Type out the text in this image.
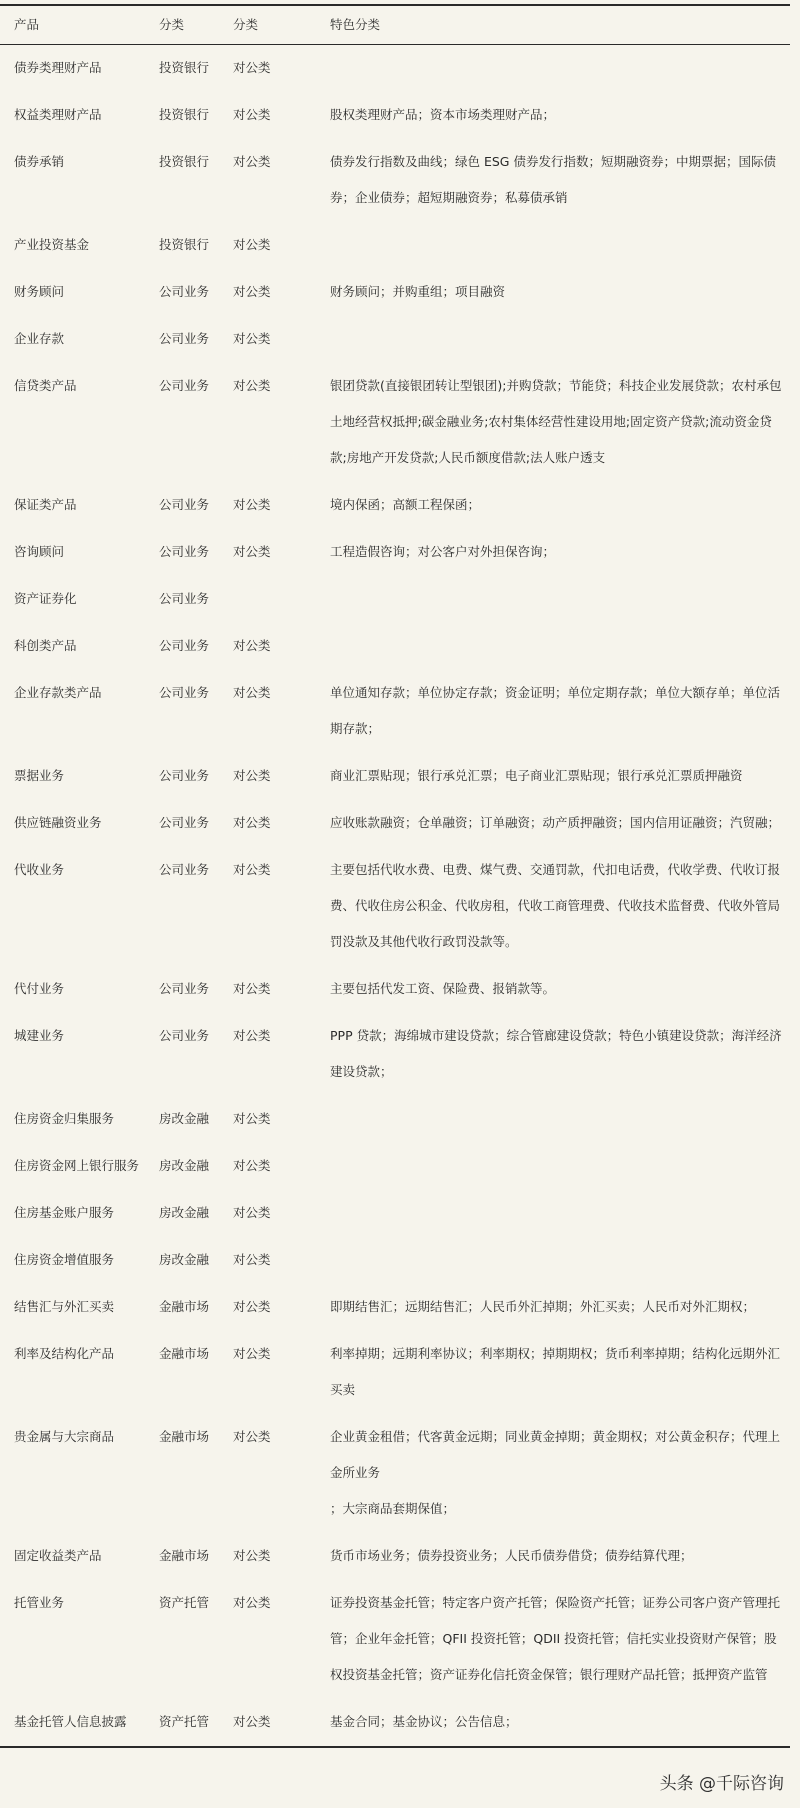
产品	分类	分类	特色分类
债券类理财产品	投资银行	对公类	
权益类理财产品	投资银行	对公类	股权类理财产品；资本市场类理财产品；
债券承销	投资银行	对公类	债券发行指数及曲线；绿色 ESG 债券发行指数；短期融资券；中期票据；国际债券；企业债券；超短期融资券；私募债承销
产业投资基金	投资银行	对公类	
财务顾问	公司业务	对公类	财务顾问；并购重组；项目融资
企业存款	公司业务	对公类	
信贷类产品	公司业务	对公类	银团贷款(直接银团转让型银团);并购贷款；节能贷；科技企业发展贷款；农村承包土地经营权抵押;碳金融业务;农村集体经营性建设用地;固定资产贷款;流动资金贷款;房地产开发贷款;人民币额度借款;法人账户透支
保证类产品	公司业务	对公类	境内保函；高额工程保函；
咨询顾问	公司业务	对公类	工程造假咨询；对公客户对外担保咨询；
资产证券化	公司业务		
科创类产品	公司业务	对公类	
企业存款类产品	公司业务	对公类	单位通知存款；单位协定存款；资金证明；单位定期存款；单位大额存单；单位活期存款；
票据业务	公司业务	对公类	商业汇票贴现；银行承兑汇票；电子商业汇票贴现；银行承兑汇票质押融资
供应链融资业务	公司业务	对公类	应收账款融资；仓单融资；订单融资；动产质押融资；国内信用证融资；汽贸融；
代收业务	公司业务	对公类	主要包括代收水费、电费、煤气费、交通罚款，代扣电话费，代收学费、代收订报费、代收住房公积金、代收房租，代收工商管理费、代收技术监督费、代收外管局罚没款及其他代收行政罚没款等。
代付业务	公司业务	对公类	主要包括代发工资、保险费、报销款等。
城建业务	公司业务	对公类	PPP 贷款；海绵城市建设贷款；综合管廊建设贷款；特色小镇建设贷款；海洋经济建设贷款；
住房资金归集服务	房改金融	对公类	
住房资金网上银行服务	房改金融	对公类	
住房基金账户服务	房改金融	对公类	
住房资金增值服务	房改金融	对公类	
结售汇与外汇买卖	金融市场	对公类	即期结售汇；远期结售汇；人民币外汇掉期；外汇买卖；人民币对外汇期权；
利率及结构化产品	金融市场	对公类	利率掉期；远期利率协议；利率期权；掉期期权；货币利率掉期；结构化远期外汇买卖
贵金属与大宗商品	金融市场	对公类	企业黄金租借；代客黄金远期；同业黄金掉期；黄金期权；对公黄金积存；代理上金所业务
；大宗商品套期保值；
固定收益类产品	金融市场	对公类	货币市场业务；债券投资业务；人民币债券借贷；债券结算代理；
托管业务	资产托管	对公类	证券投资基金托管；特定客户资产托管；保险资产托管；证券公司客户资产管理托管；企业年金托管；QFII 投资托管；QDII 投资托管；信托实业投资财产保管；股权投资基金托管；资产证券化信托资金保管；银行理财产品托管；抵押资产监管
基金托管人信息披露	资产托管	对公类	基金合同；基金协议；公告信息；
头条 @千际咨询
